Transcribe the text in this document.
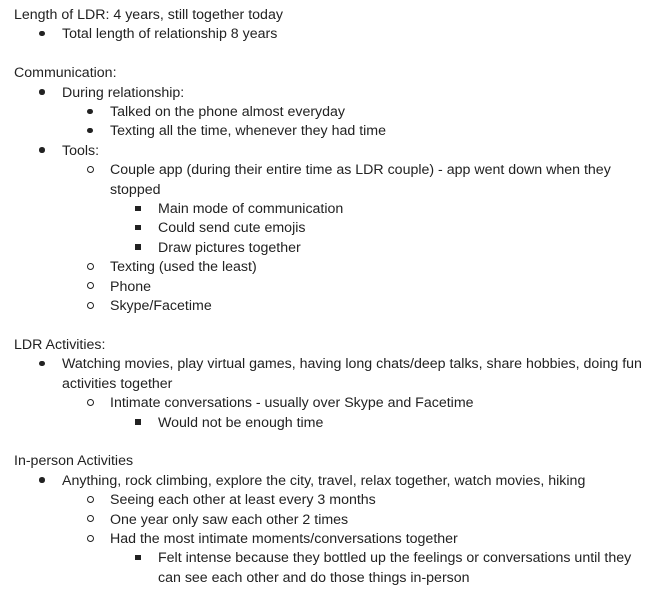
Length of LDR: 4 years, still together today
Total length of relationship 8 years
Communication:
During relationship:
Talked on the phone almost everyday
Texting all the time, whenever they had time
Tools:
Couple app (during their entire time as LDR couple) - app went down when they stopped
Main mode of communication
Could send cute emojis
Draw pictures together
Texting (used the least)
Phone
Skype/Facetime
LDR Activities:
Watching movies, play virtual games, having long chats/deep talks, share hobbies, doing fun activities together
Intimate conversations - usually over Skype and Facetime
Would not be enough time
In-person Activities
Anything, rock climbing, explore the city, travel, relax together, watch movies, hiking
Seeing each other at least every 3 months
One year only saw each other 2 times
Had the most intimate moments/conversations together
Felt intense because they bottled up the feelings or conversations until they can see each other and do those things in-person
